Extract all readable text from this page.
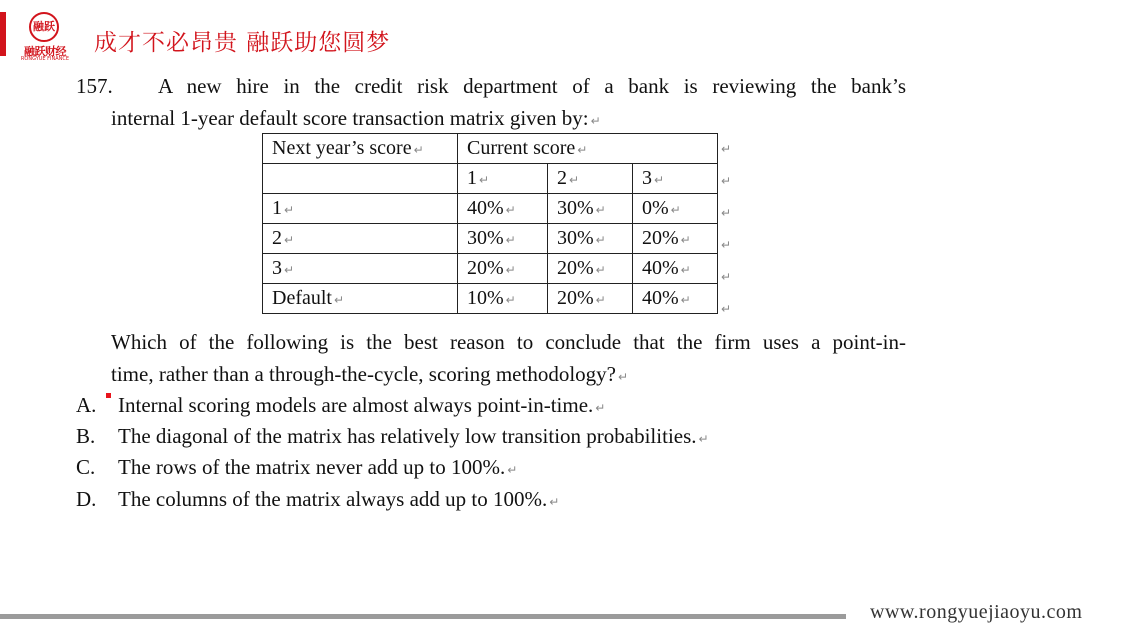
融跃
融跃财经
RONGYUE FINANCE
成才不必昂贵 融跃助您圆梦
157. A new hire in the credit risk department of a bank is reviewing the bank’s
internal 1-year default score transaction matrix given by: ↵
Next year’s score ↵	Current score ↵		
	1 ↵	2 ↵	3 ↵
1 ↵	40% ↵	30% ↵	0% ↵
2 ↵	30% ↵	30% ↵	20% ↵
3 ↵	20% ↵	20% ↵	40% ↵
Default ↵	10% ↵	20% ↵	40% ↵
↵
↵
↵
↵
↵
↵
Which of the following is the best reason to conclude that the firm uses a point-in-
time, rather than a through-the-cycle, scoring methodology? ↵
A. Internal scoring models are almost always point-in-time. ↵
B. The diagonal of the matrix has relatively low transition probabilities. ↵
C. The rows of the matrix never add up to 100%. ↵
D. The columns of the matrix always add up to 100%. ↵
www.rongyuejiaoyu.com
